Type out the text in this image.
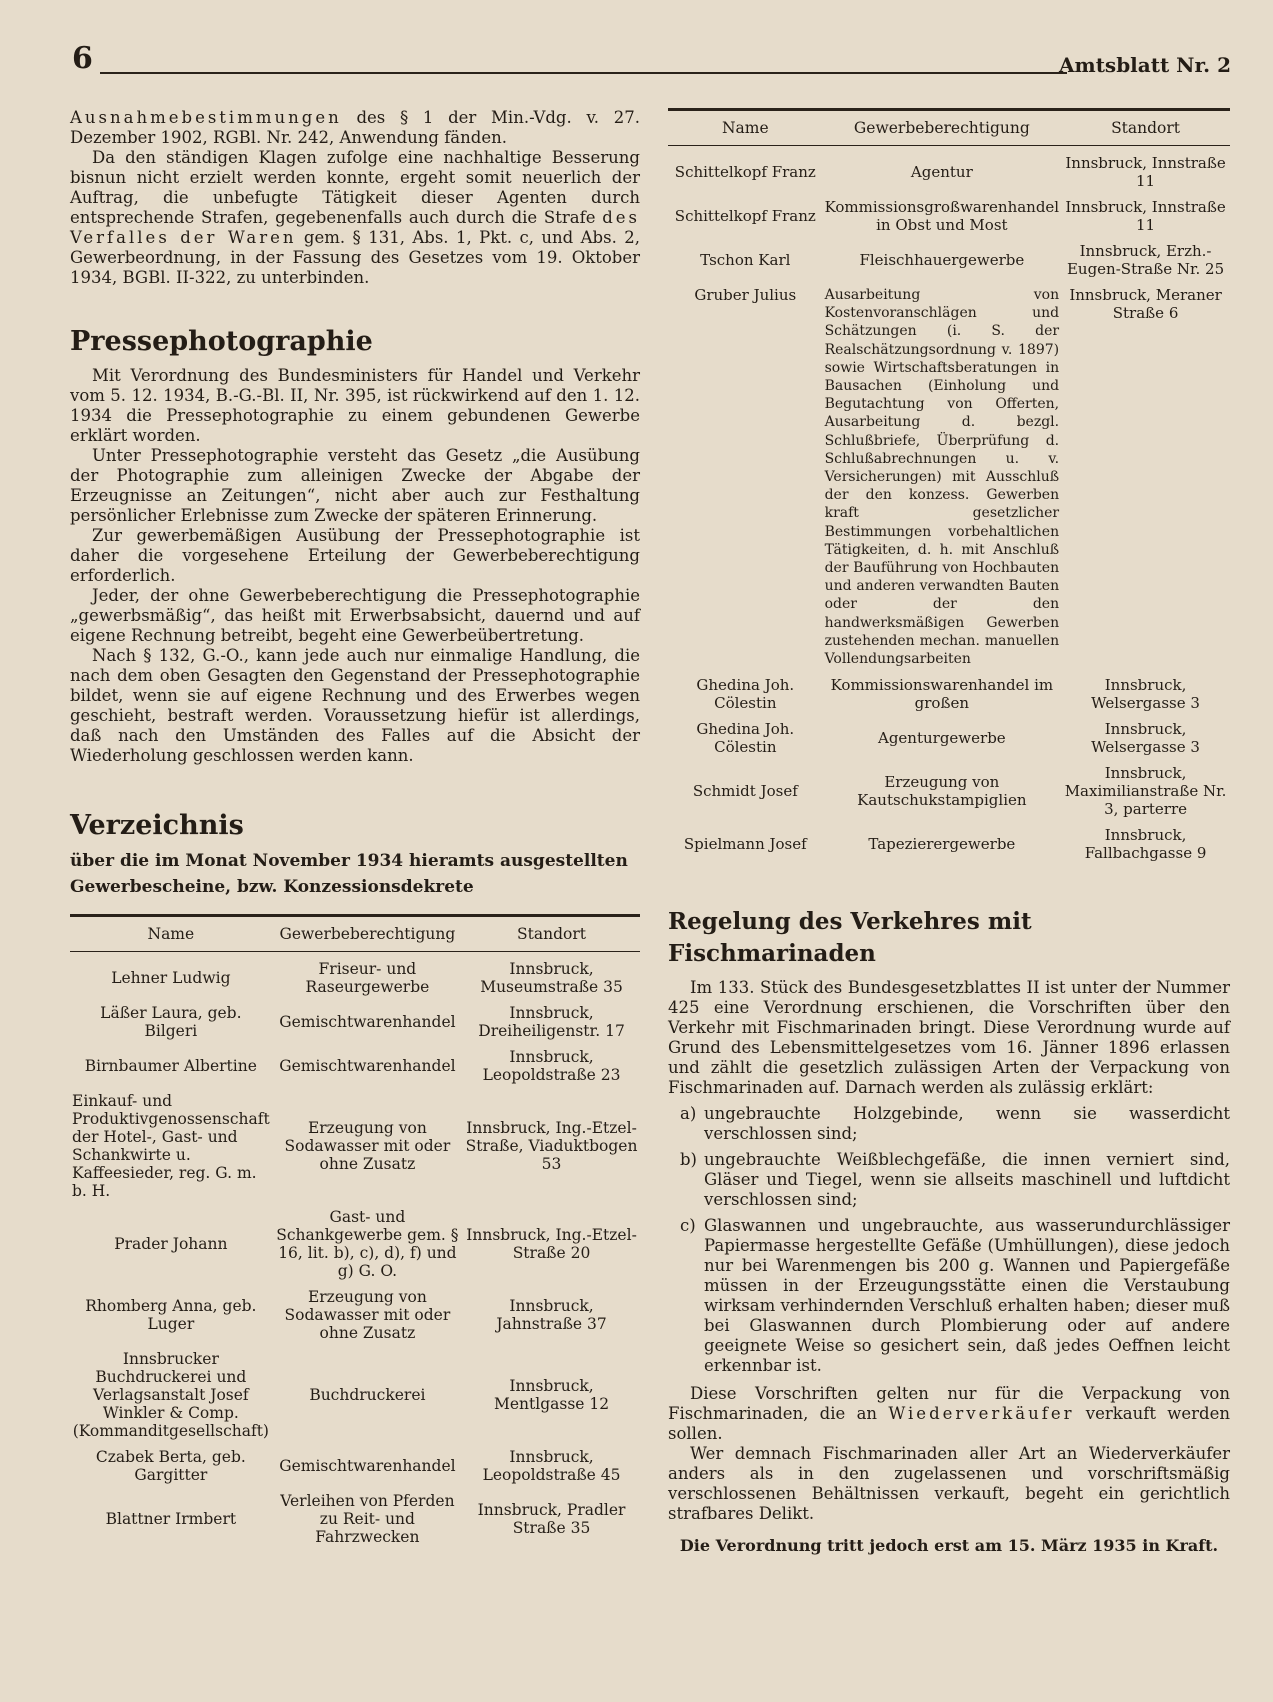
6	Amtsblatt Nr. 2

Ausnahmebestimmungen des § 1 der Min.-Vdg. v. 27. Dezember 1902, RGBl. Nr. 242, Anwendung fänden.

Da den ständigen Klagen zufolge eine nachhaltige Besserung bisnun nicht erzielt werden konnte, ergeht somit neuerlich der Auftrag, die unbefugte Tätigkeit dieser Agenten durch entsprechende Strafen, gegebenenfalls auch durch die Strafe des Verfalles der Waren gem. § 131, Abs. 1, Pkt. c, und Abs. 2, Gewerbeordnung, in der Fassung des Gesetzes vom 19. Oktober 1934, BGBl. II-322, zu unterbinden.

Pressephotographie

Mit Verordnung des Bundesministers für Handel und Verkehr vom 5. 12. 1934, B.-G.-Bl. II, Nr. 395, ist rückwirkend auf den 1. 12. 1934 die Pressephotographie zu einem gebundenen Gewerbe erklärt worden.

Unter Pressephotographie versteht das Gesetz „die Ausübung der Photographie zum alleinigen Zwecke der Abgabe der Erzeugnisse an Zeitungen“, nicht aber auch zur Festhaltung persönlicher Erlebnisse zum Zwecke der späteren Erinnerung.

Zur gewerbemäßigen Ausübung der Pressephotographie ist daher die vorgesehene Erteilung der Gewerbeberechtigung erforderlich.

Jeder, der ohne Gewerbeberechtigung die Pressephotographie „gewerbsmäßig“, das heißt mit Erwerbsabsicht, dauernd und auf eigene Rechnung betreibt, begeht eine Gewerbeübertretung.

Nach § 132, G.-O., kann jede auch nur einmalige Handlung, die nach dem oben Gesagten den Gegenstand der Pressephotographie bildet, wenn sie auf eigene Rechnung und des Erwerbes wegen geschieht, bestraft werden. Voraussetzung hiefür ist allerdings, daß nach den Umständen des Falles auf die Absicht der Wiederholung geschlossen werden kann.

Verzeichnis
über die im Monat November 1934 hieramts ausgestellten Gewerbescheine, bzw. Konzessionsdekrete
Name	Gewerbeberechtigung	Standort

Lehner Ludwig	Friseur- und Raseurgewerbe	Innsbruck, Museumstraße 35
Läßer Laura, geb. Bilgeri	Gemischtwarenhandel	Innsbruck, Dreiheiligenstr. 17
Birnbaumer Albertine	Gemischtwarenhandel	Innsbruck, Leopoldstraße 23
Einkauf- und Produktivgenossenschaft der Hotel-, Gast- und Schankwirte u. Kaffeesieder, reg. G. m. b. H.	Erzeugung von Sodawasser mit oder ohne Zusatz	Innsbruck, Ing.-Etzel-Straße, Viaduktbogen 53
Prader Johann	Gast- und Schankgewerbe gem. § 16, lit. b), c), d), f) und g) G. O.	Innsbruck, Ing.-Etzel-Straße 20
Rhomberg Anna, geb. Luger	Erzeugung von Sodawasser mit oder ohne Zusatz	Innsbruck, Jahnstraße 37
Innsbrucker Buchdruckerei und Verlagsanstalt Josef Winkler & Comp. (Kommanditgesellschaft)	Buchdruckerei	Innsbruck, Mentlgasse 12
Czabek Berta, geb. Gargitter	Gemischtwarenhandel	Innsbruck, Leopoldstraße 45
Blattner Irmbert	Verleihen von Pferden zu Reit- und Fahrzwecken	Innsbruck, Pradler Straße 35
Name	Gewerbeberechtigung	Standort

Schittelkopf Franz	Agentur	Innsbruck, Innstraße 11
Schittelkopf Franz	Kommissionsgroßwarenhandel in Obst und Most	Innsbruck, Innstraße 11
Tschon Karl	Fleischhauergewerbe	Innsbruck, Erzh.-Eugen-Straße Nr. 25
Gruber Julius	Ausarbeitung von Kostenvoranschlägen und Schätzungen (i. S. der Realschätzungsordnung v. 1897) sowie Wirtschaftsberatungen in Bausachen (Einholung und Begutachtung von Offerten, Ausarbeitung d. bezgl. Schlußbriefe, Überprüfung d. Schlußabrechnungen u. v. Versicherungen) mit Ausschluß der den konzess. Gewerben kraft gesetzlicher Bestimmungen vorbehaltlichen Tätigkeiten, d. h. mit Anschluß der Bauführung von Hochbauten und anderen verwandten Bauten oder der den handwerksmäßigen Gewerben zustehenden mechan. manuellen Vollendungsarbeiten	Innsbruck, Meraner Straße 6
Ghedina Joh. Cölestin	Kommissionswarenhandel im großen	Innsbruck, Welsergasse 3
Ghedina Joh. Cölestin	Agenturgewerbe	Innsbruck, Welsergasse 3
Schmidt Josef	Erzeugung von Kautschukstampiglien	Innsbruck, Maximilianstraße Nr. 3, parterre
Spielmann Josef	Tapezierergewerbe	Innsbruck, Fallbachgasse 9
Regelung des Verkehres mit Fischmarinaden

Im 133. Stück des Bundesgesetzblattes II ist unter der Nummer 425 eine Verordnung erschienen, die Vorschriften über den Verkehr mit Fischmarinaden bringt. Diese Verordnung wurde auf Grund des Lebensmittelgesetzes vom 16. Jänner 1896 erlassen und zählt die gesetzlich zulässigen Arten der Verpackung von Fischmarinaden auf. Darnach werden als zulässig erklärt:

a) ungebrauchte Holzgebinde, wenn sie wasserdicht verschlossen sind;
b) ungebrauchte Weißblechgefäße, die innen verniert sind, Gläser und Tiegel, wenn sie allseits maschinell und luftdicht verschlossen sind;
c) Glaswannen und ungebrauchte, aus wasserundurchlässiger Papiermasse hergestellte Gefäße (Umhüllungen), diese jedoch nur bei Warenmengen bis 200 g. Wannen und Papiergefäße müssen in der Erzeugungsstätte einen die Verstaubung wirksam verhindernden Verschluß erhalten haben; dieser muß bei Glaswannen durch Plombierung oder auf andere geeignete Weise so gesichert sein, daß jedes Oeffnen leicht erkennbar ist.

Diese Vorschriften gelten nur für die Verpackung von Fischmarinaden, die an Wiederverkäufer verkauft werden sollen.

Wer demnach Fischmarinaden aller Art an Wiederverkäufer anders als in den zugelassenen und vorschriftsmäßig verschlossenen Behältnissen verkauft, begeht ein gerichtlich strafbares Delikt.

Die Verordnung tritt jedoch erst am 15. März 1935 in Kraft.
